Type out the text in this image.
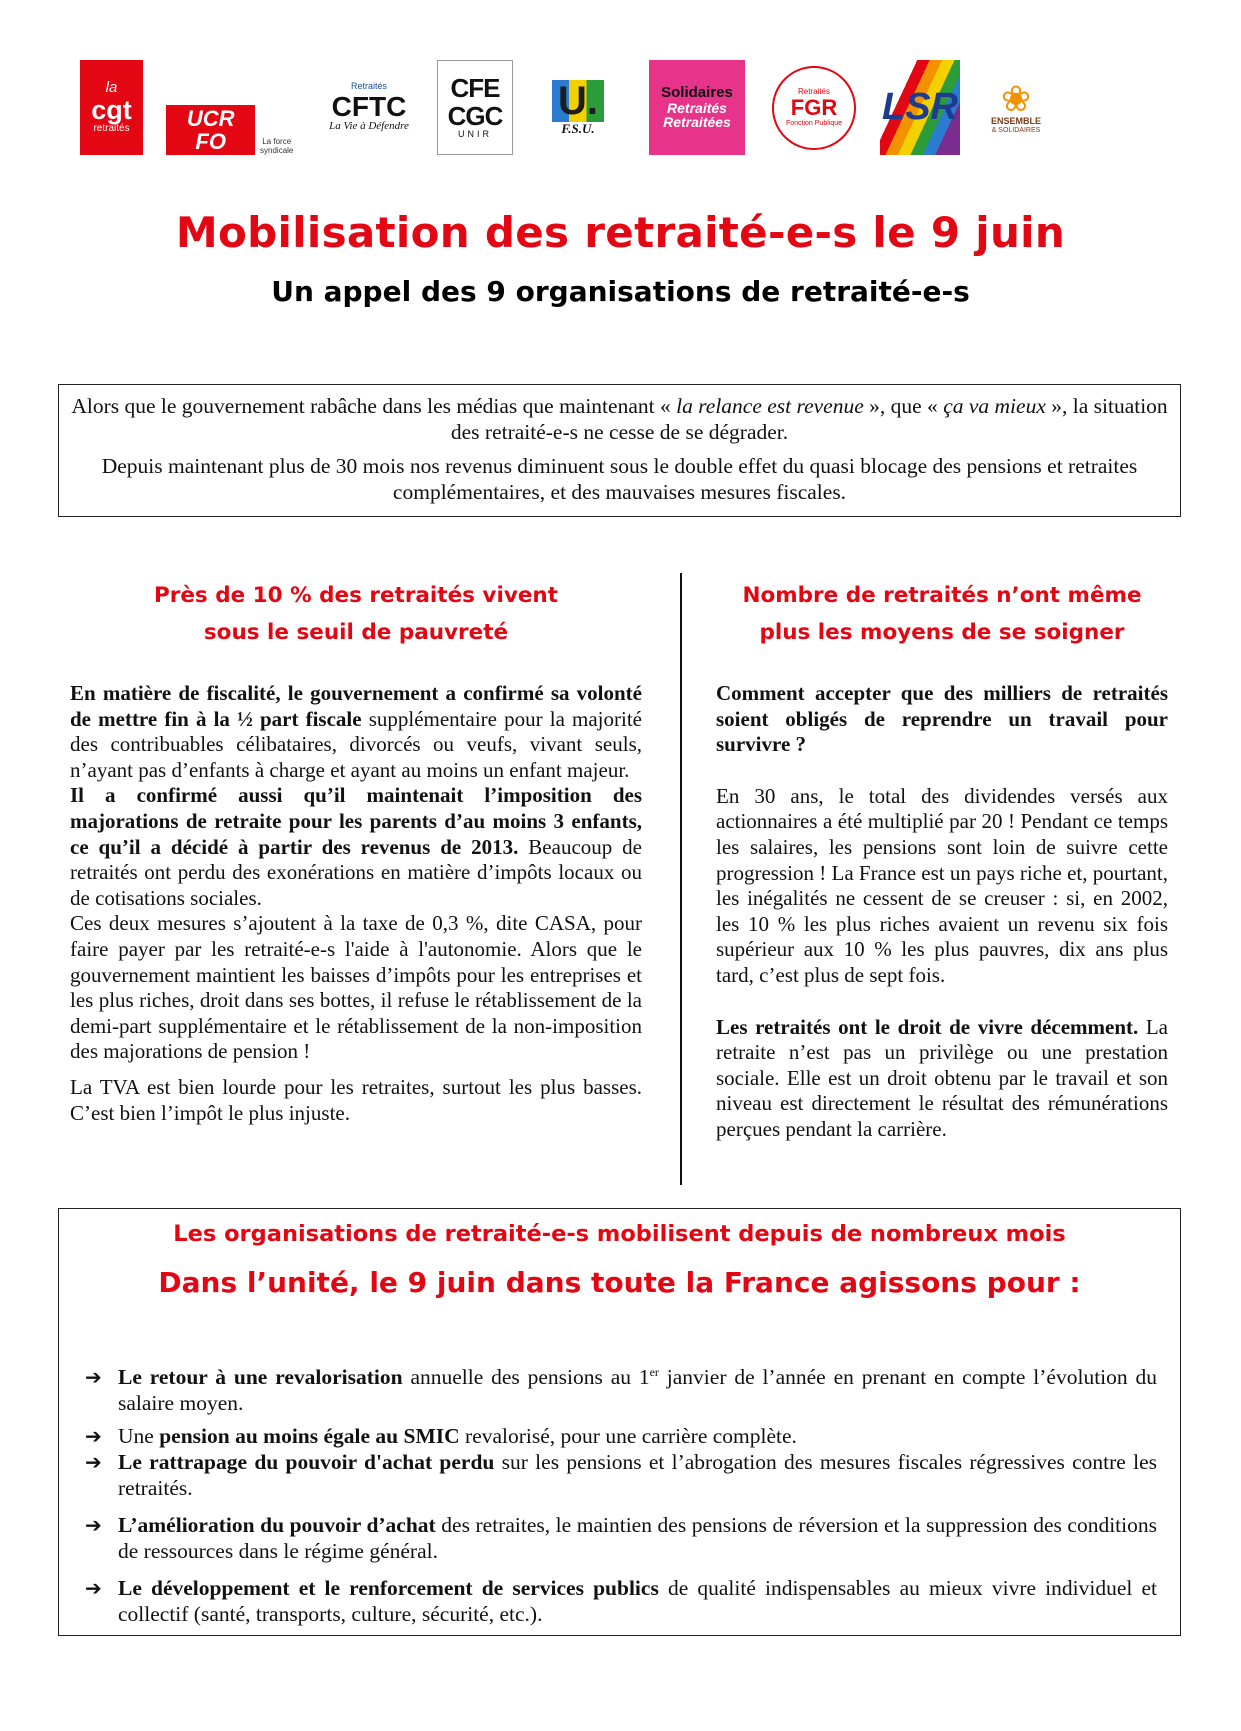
la
cgt
retraités	UCR FO	La force syndicale
Retraités
CFTC
La Vie à Défendre
CFE
CGC
UNIR
U.
F.S.U.
Solidaires
Retraités
Retraitées
Retraités
FGR
Fonction Publique LSR ❀
ENSEMBLE
& SOLIDAIRES
Mobilisation des retraité-e-s le 9 juin
Un appel des 9 organisations de retraité-e-s

Alors que le gouvernement rabâche dans les médias que maintenant « la relance est revenue », que « ça va mieux », la situation des retraité-e-s ne cesse de se dégrader.

Depuis maintenant plus de 30 mois nos revenus diminuent sous le double effet du quasi blocage des pensions et retraites complémentaires, et des mauvaises mesures fiscales.

Près de 10 % des retraités vivent
sous le seuil de pauvreté

En matière de fiscalité, le gouvernement a confirmé sa volonté de mettre fin à la ½ part fiscale supplémentaire pour la majorité des contribuables célibataires, divorcés ou veufs, vivant seuls, n’ayant pas d’enfants à charge et ayant au moins un enfant majeur.

Il a confirmé aussi qu’il maintenait l’imposition des majorations de retraite pour les parents d’au moins 3 enfants, ce qu’il a décidé à partir des revenus de 2013. Beaucoup de retraités ont perdu des exonérations en matière d’impôts locaux ou de cotisations sociales.

Ces deux mesures s’ajoutent à la taxe de 0,3 %, dite CASA, pour faire payer par les retraité-e-s l'aide à l'autonomie. Alors que le gouvernement maintient les baisses d’impôts pour les entreprises et les plus riches, droit dans ses bottes, il refuse le rétablissement de la demi-part supplémentaire et le rétablissement de la non-imposition des majorations de pension !

La TVA est bien lourde pour les retraites, surtout les plus basses. C’est bien l’impôt le plus injuste.

Nombre de retraités n’ont même
plus les moyens de se soigner

Comment accepter que des milliers de retraités soient obligés de reprendre un travail pour survivre ?

En 30 ans, le total des dividendes versés aux actionnaires a été multiplié par 20 ! Pendant ce temps les salaires, les pensions sont loin de suivre cette progression ! La France est un pays riche et, pourtant, les inégalités ne cessent de se creuser : si, en 2002, les 10 % les plus riches avaient un revenu six fois supérieur aux 10 % les plus pauvres, dix ans plus tard, c’est plus de sept fois.

Les retraités ont le droit de vivre décemment. La retraite n’est pas un privilège ou une prestation sociale. Elle est un droit obtenu par le travail et son niveau est directement le résultat des rémunérations perçues pendant la carrière.

Les organisations de retraité-e-s mobilisent depuis de nombreux mois
Dans l’unité, le 9 juin dans toute la France agissons pour :
➔ Le retour à une revalorisation annuelle des pensions au 1er janvier de l’année en prenant en compte l’évolution du salaire moyen.
➔ Une pension au moins égale au SMIC revalorisé, pour une carrière complète.
➔ Le rattrapage du pouvoir d'achat perdu sur les pensions et l’abrogation des mesures fiscales régressives contre les retraités.
➔ L’amélioration du pouvoir d’achat des retraites, le maintien des pensions de réversion et la suppression des conditions de ressources dans le régime général.
➔ Le développement et le renforcement de services publics de qualité indispensables au mieux vivre individuel et collectif (santé, transports, culture, sécurité, etc.).
